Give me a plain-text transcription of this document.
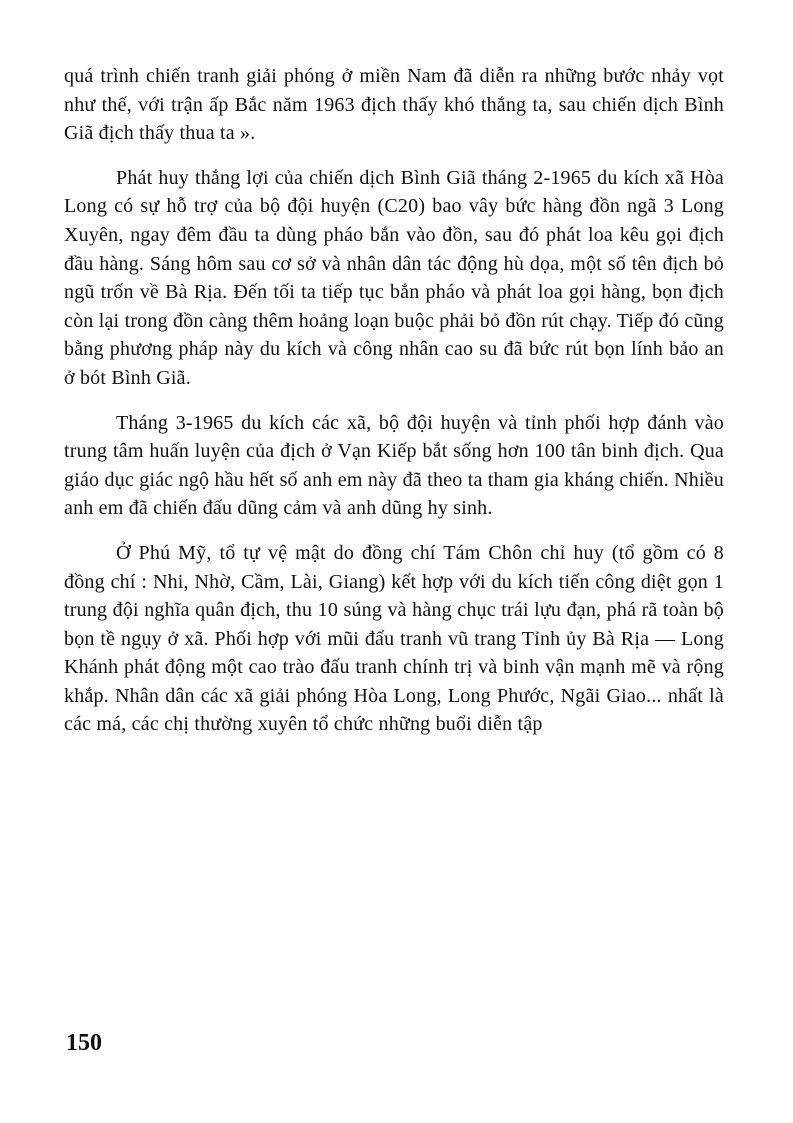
quá trình chiến tranh giải phóng ở miền Nam đã diễn ra những bước nhảy vọt như thế, với trận ấp Bắc năm 1963 địch thấy khó thắng ta, sau chiến dịch Bình Giã địch thấy thua ta ».

Phát huy thắng lợi của chiến dịch Bình Giã tháng 2-1965 du kích xã Hòa Long có sự hỗ trợ của bộ đội huyện (C20) bao vây bức hàng đồn ngã 3 Long Xuyên, ngay đêm đầu ta dùng pháo bắn vào đồn, sau đó phát loa kêu gọi địch đầu hàng. Sáng hôm sau cơ sở và nhân dân tác động hù dọa, một số tên địch bỏ ngũ trốn về Bà Rịa. Đến tối ta tiếp tục bắn pháo và phát loa gọi hàng, bọn địch còn lại trong đồn càng thêm hoảng loạn buộc phải bỏ đồn rút chạy. Tiếp đó cũng bằng phương pháp này du kích và công nhân cao su đã bức rút bọn lính bảo an ở bót Bình Giã.

Tháng 3-1965 du kích các xã, bộ đội huyện và tỉnh phối hợp đánh vào trung tâm huấn luyện của địch ở Vạn Kiếp bắt sống hơn 100 tân binh địch. Qua giáo dục giác ngộ hầu hết số anh em này đã theo ta tham gia kháng chiến. Nhiều anh em đã chiến đấu dũng cảm và anh dũng hy sinh.

Ở Phú Mỹ, tổ tự vệ mật do đồng chí Tám Chôn chỉ huy (tổ gồm có 8 đồng chí : Nhi, Nhờ, Cầm, Lài, Giang) kết hợp với du kích tiến công diệt gọn 1 trung đội nghĩa quân địch, thu 10 súng và hàng chục trái lựu đạn, phá rã toàn bộ bọn tề ngụy ở xã. Phối hợp với mũi đấu tranh vũ trang Tỉnh ủy Bà Rịa — Long Khánh phát động một cao trào đấu tranh chính trị và binh vận mạnh mẽ và rộng khắp. Nhân dân các xã giải phóng Hòa Long, Long Phước, Ngãi Giao... nhất là các má, các chị thường xuyên tổ chức những buổi diễn tập

150
